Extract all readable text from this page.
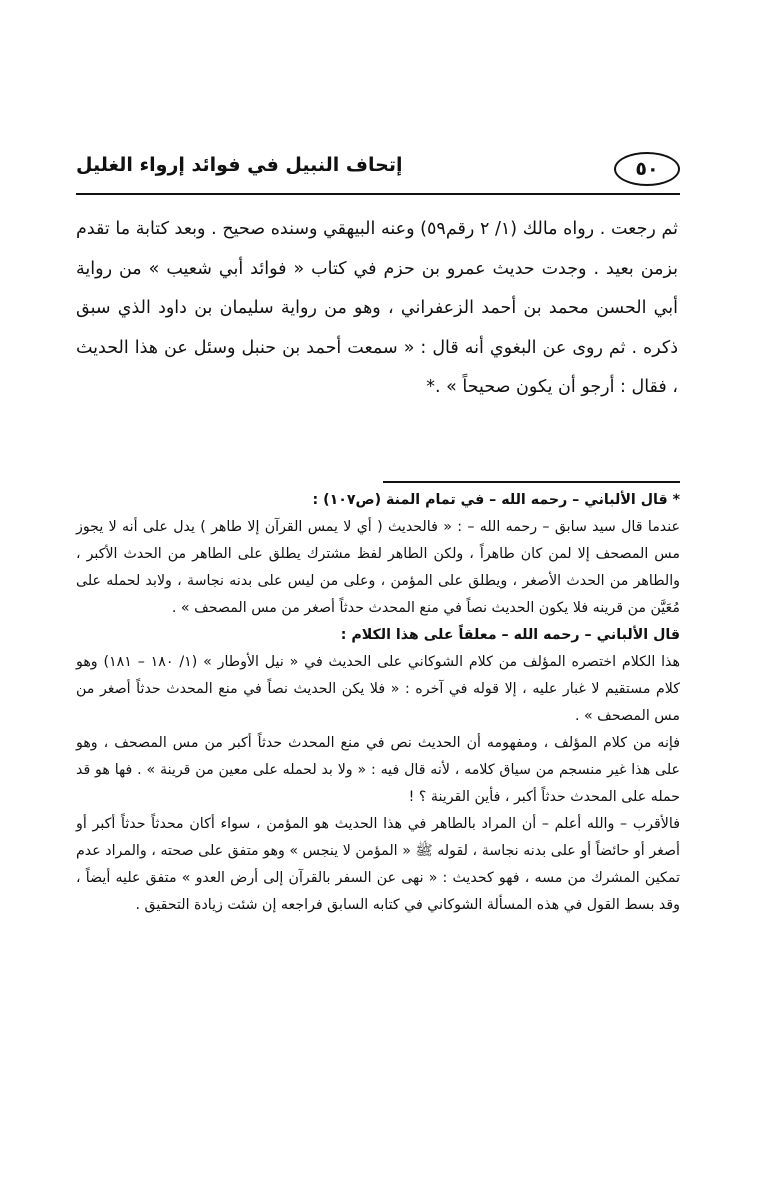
٥٠
إتحاف النبيل في فوائد إرواء الغليل

ثم رجعت . رواه مالك (١/ ٢ رقم٥٩) وعنه البيهقي وسنده صحيح . وبعد كتابة ما تقدم بزمن بعيد . وجدت حديث عمرو بن حزم في كتاب « فوائد أبي شعيب » من رواية أبي الحسن محمد بن أحمد الزعفراني ، وهو من رواية سليمان بن داود الذي سبق ذكره . ثم روى عن البغوي أنه قال : « سمعت أحمد بن حنبل وسئل عن هذا الحديث ، فقال : أرجو أن يكون صحيحاً » .*

* قال الألباني – رحمه الله – في تمام المنة (ص١٠٧) :

عندما قال سيد سابق – رحمه الله – : « فالحديث ( أي لا يمس القرآن إلا طاهر ) يدل على أنه لا يجوز مس المصحف إلا لمن كان طاهراً ، ولكن الطاهر لفظ مشترك يطلق على الطاهر من الحدث الأكبر ، والطاهر من الحدث الأصغر ، ويطلق على المؤمن ، وعلى من ليس على بدنه نجاسة ، ولابد لحمله على مُعَيَّن من قرينه فلا يكون الحديث نصاً في منع المحدث حدثاً أصغر من مس المصحف » .

قال الألباني – رحمه الله – معلقاً على هذا الكلام :

هذا الكلام اختصره المؤلف من كلام الشوكاني على الحديث في « نيل الأوطار » (١/ ١٨٠ – ١٨١) وهو كلام مستقيم لا غبار عليه ، إلا قوله في آخره : « فلا يكن الحديث نصاً في منع المحدث حدثاً أصغر من مس المصحف » .

فإنه من كلام المؤلف ، ومفهومه أن الحديث نص في منع المحدث حدثاً أكبر من مس المصحف ، وهو على هذا غير منسجم من سياق كلامه ، لأنه قال فيه : « ولا بد لحمله على معين من قرينة » . فها هو قد حمله على المحدث حدثاً أكبر ، فأين القرينة ؟ !

فالأقرب – والله أعلم – أن المراد بالطاهر في هذا الحديث هو المؤمن ، سواء أكان محدثاً حدثاً أكبر أو أصغر أو حائضاً أو على بدنه نجاسة ، لقوله ﷺ « المؤمن لا ينجس » وهو متفق على صحته ، والمراد عدم تمكين المشرك من مسه ، فهو كحديث : « نهى عن السفر بالقرآن إلى أرض العدو » متفق عليه أيضاً ، وقد بسط القول في هذه المسألة الشوكاني في كتابه السابق فراجعه إن شئت زيادة التحقيق .
